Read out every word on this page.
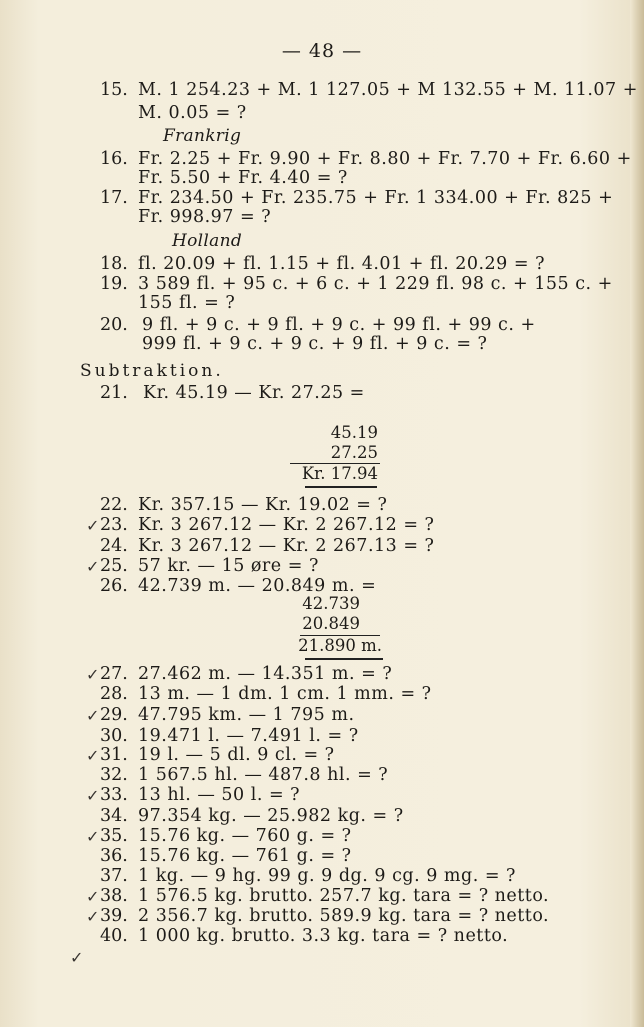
— 48 —
15. M. 1 254.23 + M. 1 127.05 + M 132.55 + M. 11.07 +
M. 0.05 = ?
Frankrig
16. Fr. 2.25 + Fr. 9.90 + Fr. 8.80 + Fr. 7.70 + Fr. 6.60 +
Fr. 5.50 + Fr. 4.40 = ?
17. Fr. 234.50 + Fr. 235.75 + Fr. 1 334.00 + Fr. 825 +
Fr. 998.97 = ?
Holland
18. fl. 20.09 + fl. 1.15 + fl. 4.01 + fl. 20.29 = ?
19. 3 589 fl. + 95 c. + 6 c. + 1 229 fl. 98 c. + 155 c. +
155 fl. = ?
20. 9 fl. + 9 c. + 9 fl. + 9 c. + 99 fl. + 99 c. +
999 fl. + 9 c. + 9 c. + 9 fl. + 9 c. = ?
Subtraktion.
21. Kr. 45.19 — Kr. 27.25 =
45.19
27.25
Kr. 17.94
22. Kr. 357.15 — Kr. 19.02 = ?
✓ 23. Kr. 3 267.12 — Kr. 2 267.12 = ?
24. Kr. 3 267.12 — Kr. 2 267.13 = ?
✓ 25. 57 kr. — 15 øre = ?
26. 42.739 m. — 20.849 m. =
42.739
20.849
21.890 m.
✓ 27. 27.462 m. — 14.351 m. = ?
28. 13 m. — 1 dm. 1 cm. 1 mm. = ?
✓ 29. 47.795 km. — 1 795 m.
30. 19.471 l. — 7.491 l. = ?
✓ 31. 19 l. — 5 dl. 9 cl. = ?
32. 1 567.5 hl. — 487.8 hl. = ?
✓ 33. 13 hl. — 50 l. = ?
34. 97.354 kg. — 25.982 kg. = ?
✓ 35. 15.76 kg. — 760 g. = ?
36. 15.76 kg. — 761 g. = ?
37. 1 kg. — 9 hg. 99 g. 9 dg. 9 cg. 9 mg. = ?
✓ 38. 1 576.5 kg. brutto. 257.7 kg. tara = ? netto.
✓ 39. 2 356.7 kg. brutto. 589.9 kg. tara = ? netto.
40. 1 000 kg. brutto. 3.3 kg. tara = ? netto.
✓
